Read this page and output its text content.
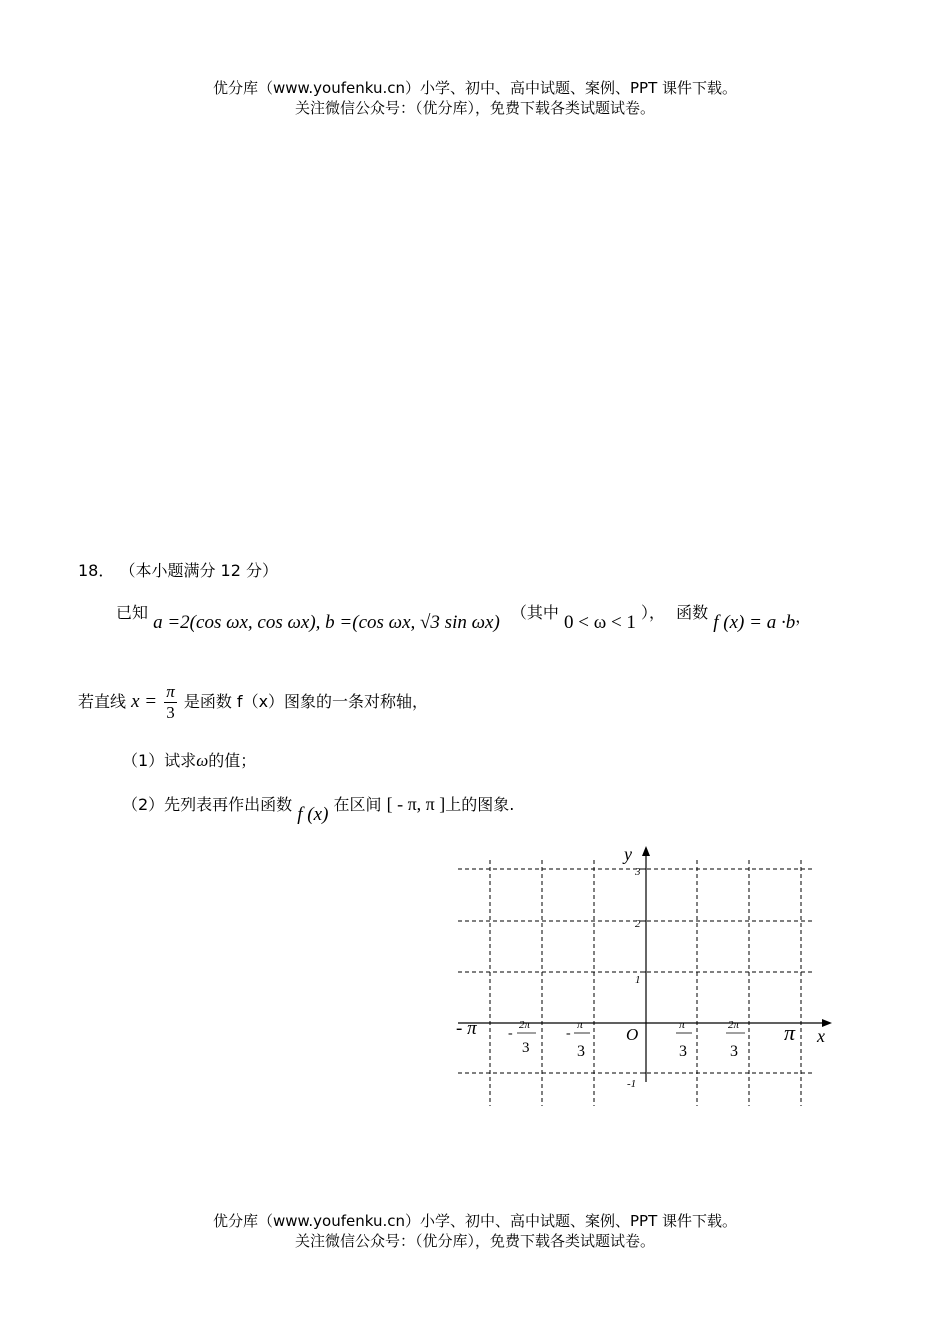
优分库（www.youfenku.cn）小学、初中、高中试题、案例、PPT 课件下载。
关注微信公众号：（优分库），免费下载各类试题试卷。
18． （本小题满分 12 分）
已知 a =2(cos ωx, cos ωx), b =(cos ωx, √3 sin ωx) （其中 0 < ω < 1 ）， 函数 f (x) = a ·b，
若直线 $x = \frac{\pi}{3}$ 是函数 f（x）图象的一条对称轴，
（1）试求ω的值；
（2）先列表再作出函数 f (x) 在区间 [ - π, π ]上的图象.
y
x
O
3
2
1
-1
- π -
2π
3
-
π
3
π
3
2π
3
π
优分库（www.youfenku.cn）小学、初中、高中试题、案例、PPT 课件下载。
关注微信公众号：（优分库），免费下载各类试题试卷。
